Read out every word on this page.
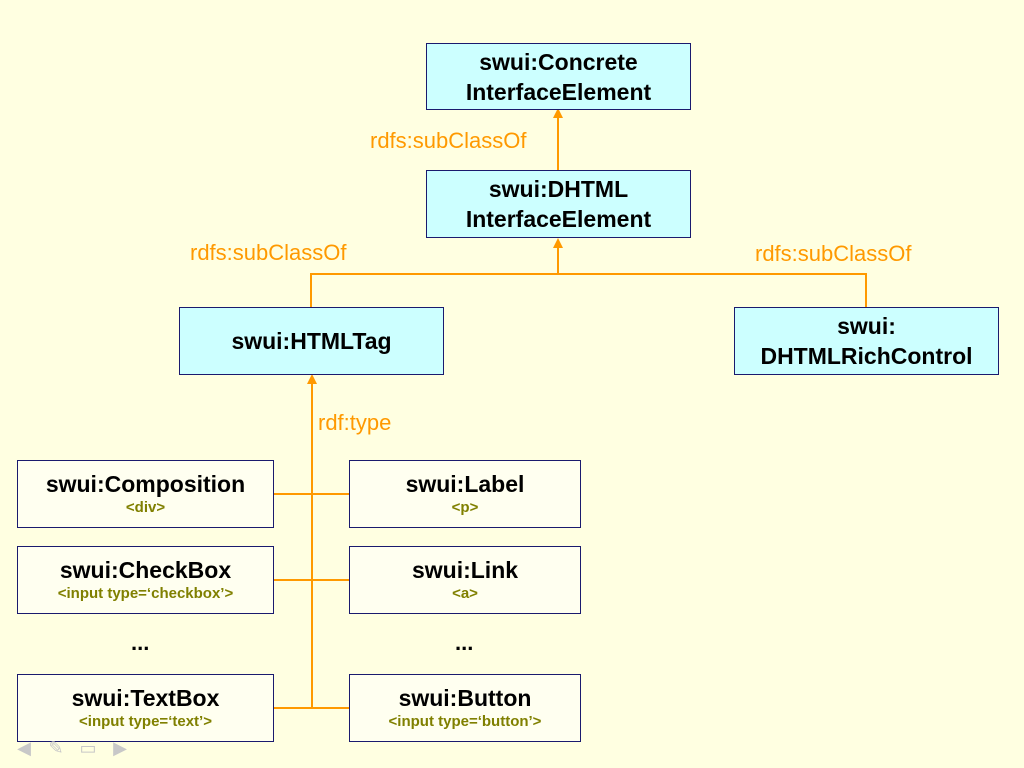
swui:Concrete
InterfaceElement
swui:DHTML
InterfaceElement
swui:HTMLTag
swui:
DHTMLRichControl
rdfs:subClassOf
rdfs:subClassOf	rdfs:subClassOf
rdf:type
swui:Composition
<div>
swui:Label
<p>
swui:CheckBox
<input type=‘checkbox’>
swui:Link
<a>
...	...
swui:TextBox
<input type=‘text’>
swui:Button
<input type=‘button’>
◀ ✎ ▭ ▶
